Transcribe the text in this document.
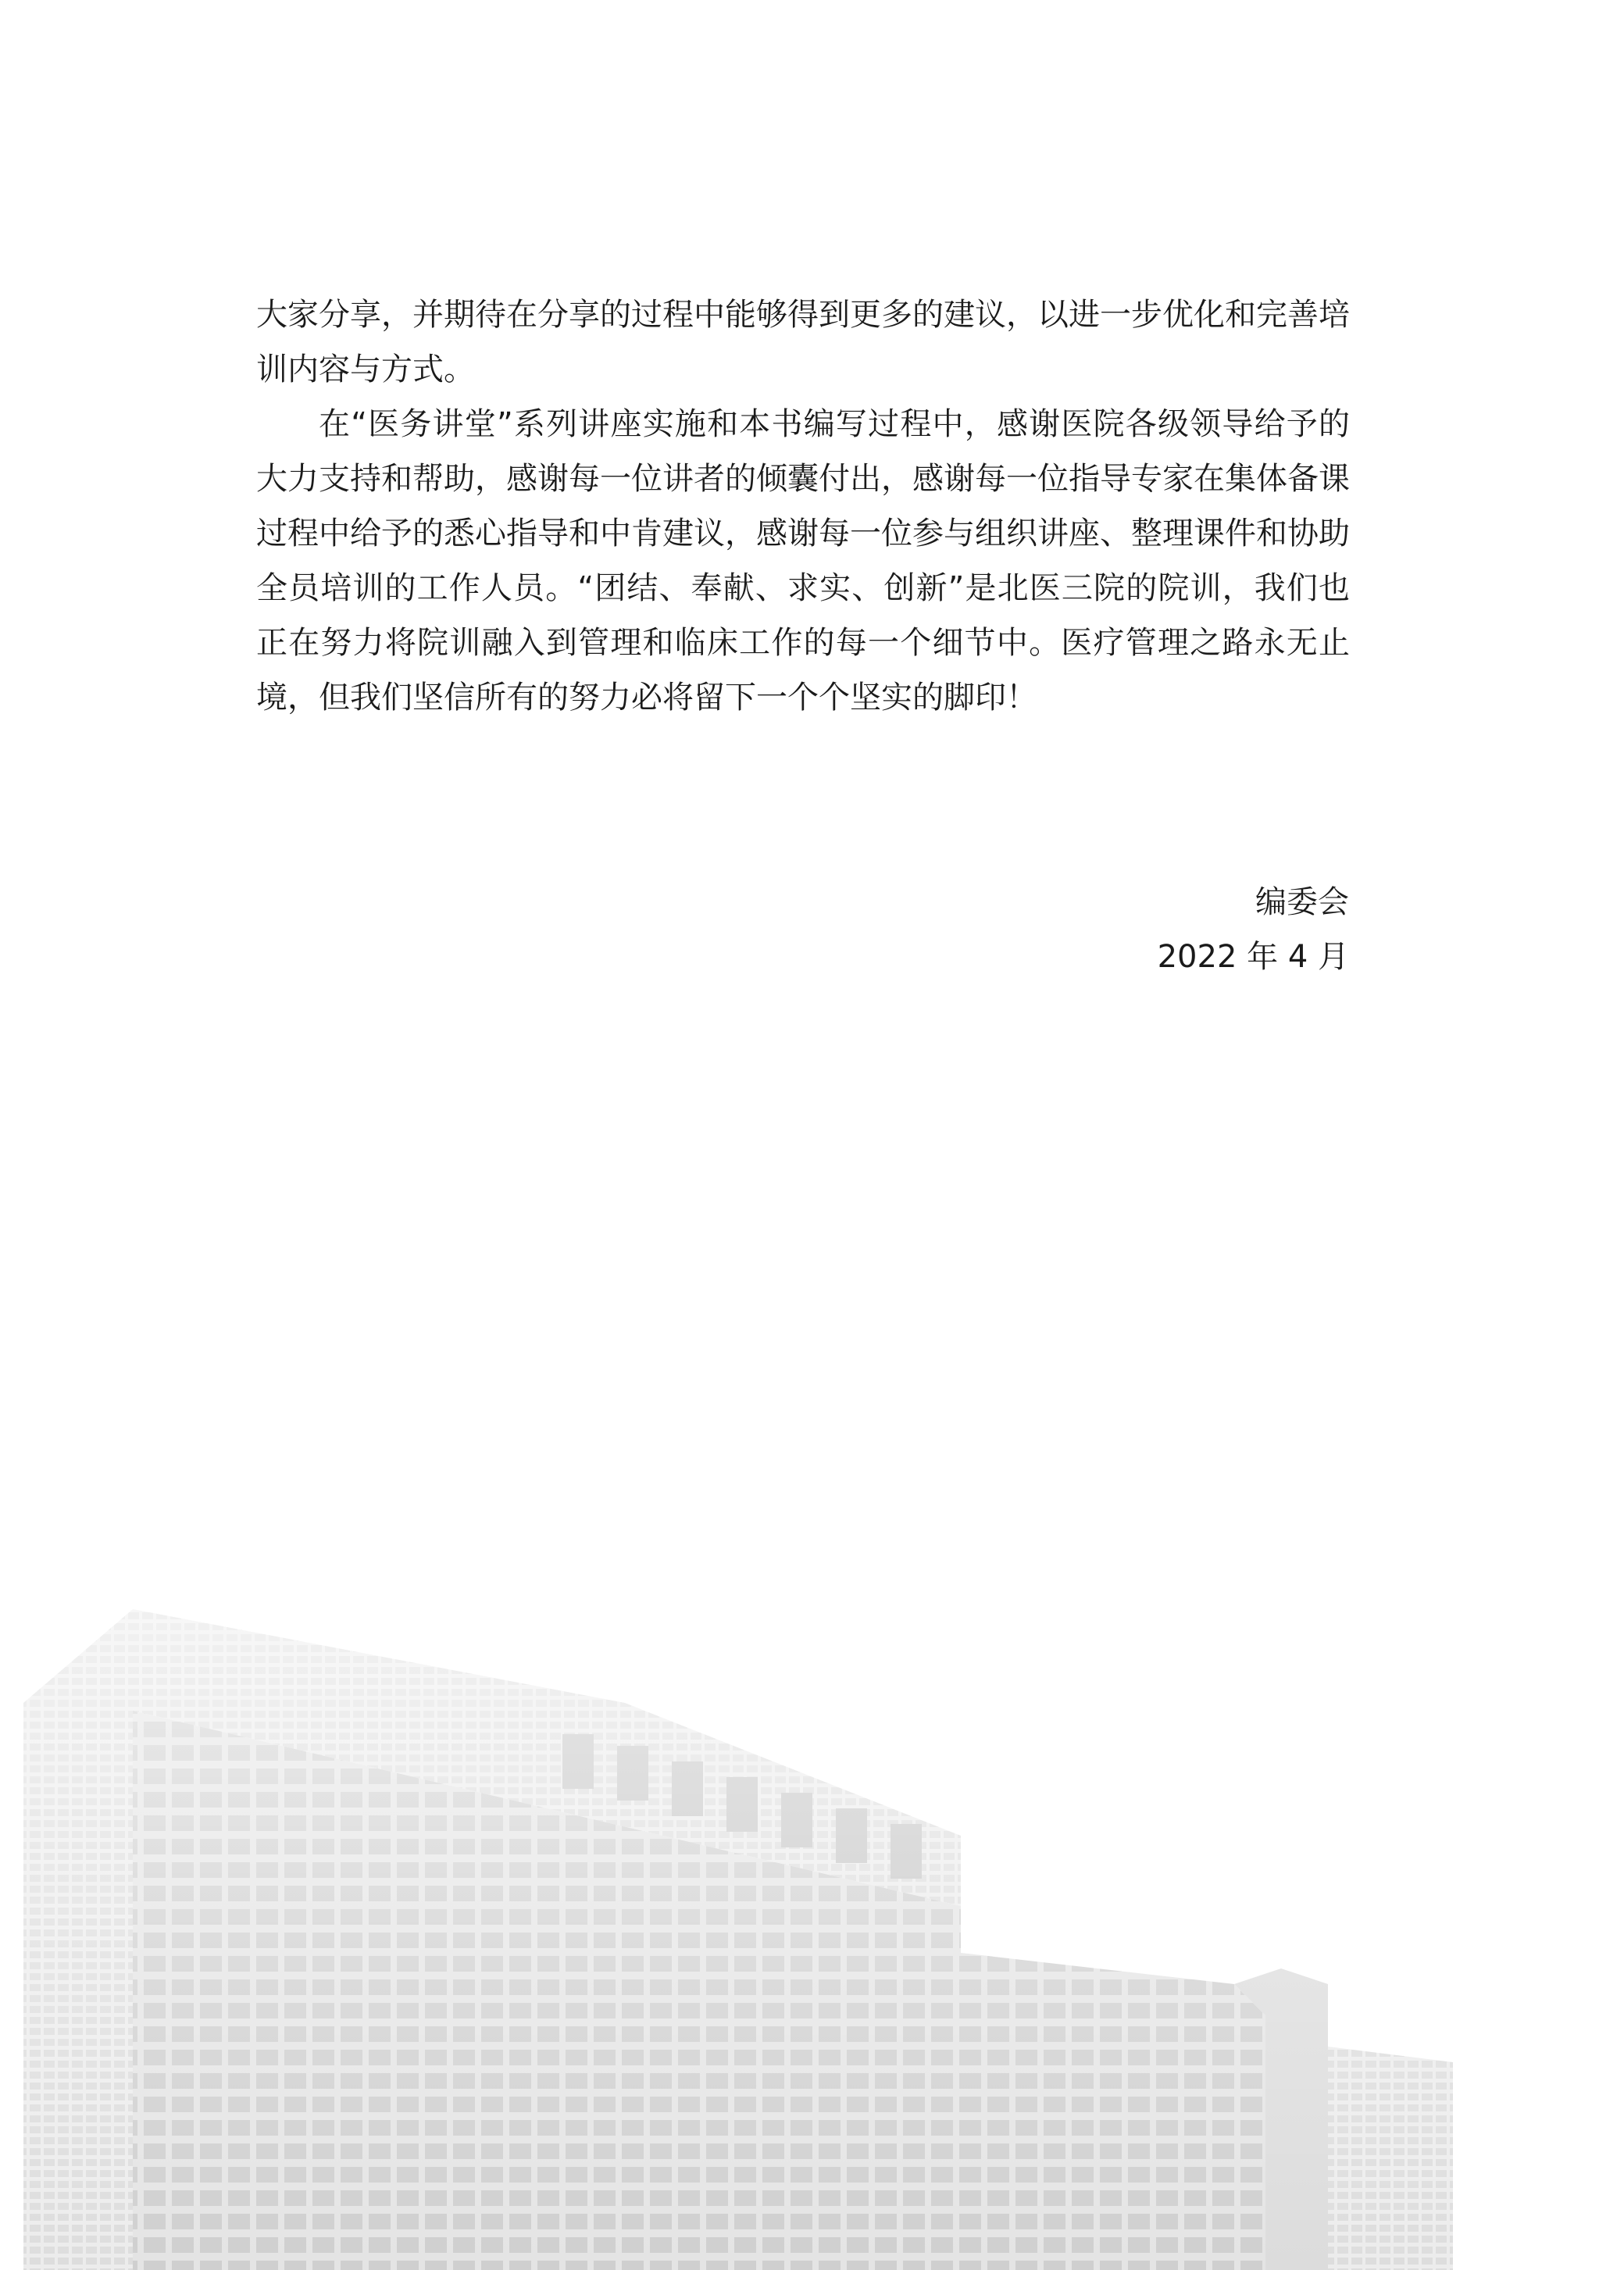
大家分享，并期待在分享的过程中能够得到更多的建议，以进一步优化和完善培训内容与方式。

在“医务讲堂”系列讲座实施和本书编写过程中，感谢医院各级领导给予的大力支持和帮助，感谢每一位讲者的倾囊付出，感谢每一位指导专家在集体备课过程中给予的悉心指导和中肯建议，感谢每一位参与组织讲座、整理课件和协助全员培训的工作人员。“团结、奉献、求实、创新”是北医三院的院训，我们也正在努力将院训融入到管理和临床工作的每一个细节中。医疗管理之路永无止境，但我们坚信所有的努力必将留下一个个坚实的脚印！

编委会
2022 年 4 月
